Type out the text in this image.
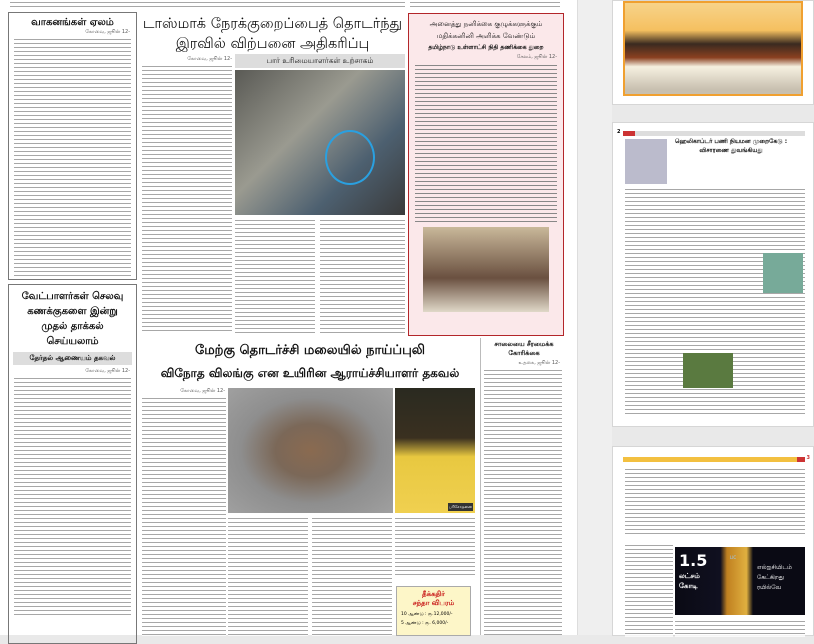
வாகனங்கள் ஏலம்
கோவை, ஜூன் 12-
வேட்பாளர்கள் செலவு கணக்குகளை இன்று முதல் தாக்கல் செய்யலாம்
தேர்தல் ஆணையம் தகவல்
கோவை, ஜூன் 12-
டாஸ்மாக் நேரக்குறைப்பைத் தொடர்ந்து
இரவில் விற்பனை அதிகரிப்பு
கோவை, ஜூன் 12-	பார் உரிமையாளர்கள் உற்சாகம்
அனைத்து நனிக்கை குழுக்களுக்கும்
மதிக்கனினி அளிக்க வேண்டும்
தமிழ்நாடு உள்ளாட்சி நிதி தணிக்கை துறை
சேலம், ஜூன் 12-
மேற்கு தொடர்ச்சி மலையில் நாய்ப்புலி
விநோத விலங்கு என உயிரின ஆராய்ச்சியாளர் தகவல்
கோவை, ஜூன் 12-
பரிசோதனை
தீக்கதிர்
சந்தா விபரம்
10 ஆண்டு : ரூ.12,000/-
5 ஆண்டு : ரூ. 6,000/-
சாலையை சீரமைக்க கோரிக்கை
உதகை, ஜூன் 12-
2
ஹெலிகாப்டர் பணி நியமன முறைகேடு : விசாரணை துவங்கியது
3
1.5
லட்சம்
கோடி
LIC
எல்ஐசியிடம் கேட்கிறது ரயில்வே
